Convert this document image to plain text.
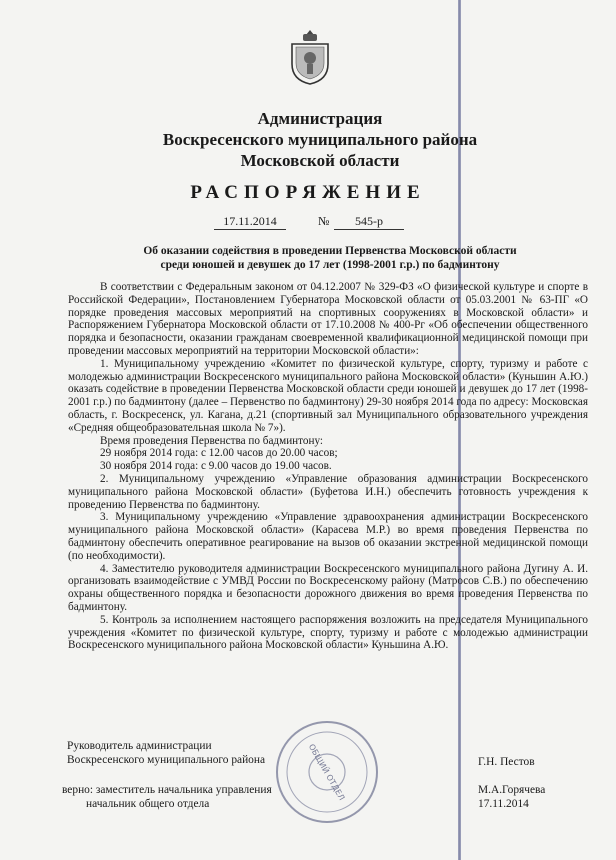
Администрация
Воскресенского муниципального района
Московской области
РАСПОРЯЖЕНИЕ
17.11.2014	№	545-р
Об оказании содействия в проведении Первенства Московской области
среди юношей и девушек до 17 лет (1998-2001 г.р.) по бадминтону

В соответствии с Федеральным законом от 04.12.2007 № 329-ФЗ «О физической культуре и спорте в Российской Федерации», Постановлением Губернатора Московской области от 05.03.2001 № 63-ПГ «О порядке проведения массовых мероприятий на спортивных сооружениях в Московской области» и Распоряжением Губернатора Московской области от 17.10.2008 № 400-Рг «Об обеспечении общественного порядка и безопасности, оказании гражданам своевременной квалификационной медицинской помощи при проведении массовых мероприятий на территории Московской области»:

1. Муниципальному учреждению «Комитет по физической культуре, спорту, туризму и работе с молодежью администрации Воскресенского муниципального района Московской области» (Куньшин А.Ю.) оказать содействие в проведении Первенства Московской области среди юношей и девушек до 17 лет (1998-2001 г.р.) по бадминтону (далее – Первенство по бадминтону) 29-30 ноября 2014 года по адресу: Московская область, г. Воскресенск, ул. Кагана, д.21 (спортивный зал Муниципального образовательного учреждения «Средняя общеобразовательная школа № 7»).

Время проведения Первенства по бадминтону:

29 ноября 2014 года: с 12.00 часов до 20.00 часов;

30 ноября 2014 года: с 9.00 часов до 19.00 часов.

2. Муниципальному учреждению «Управление образования администрации Воскресенского муниципального района Московской области» (Буфетова И.Н.) обеспечить готовность учреждения к проведению Первенства по бадминтону.

3. Муниципальному учреждению «Управление здравоохранения администрации Воскресенского муниципального района Московской области» (Карасева М.Р.) во время проведения Первенства по бадминтону обеспечить оперативное реагирование на вызов об оказании экстренной медицинской помощи (по необходимости).

4. Заместителю руководителя администрации Воскресенского муниципального района Дугину А. И. организовать взаимодействие с УМВД России по Воскресенскому району (Матросов С.В.) по обеспечению охраны общественного порядка и безопасности дорожного движения во время проведения Первенства по бадминтону.

5. Контроль за исполнением настоящего распоряжения возложить на председателя Муниципального учреждения «Комитет по физической культуре, спорту, туризму и работе с молодежью администрации Воскресенского муниципального района Московской области» Куньшина А.Ю.

Руководитель администрации
Воскресенского муниципального района	Г.Н. Пестов
верно: заместитель начальника управления
начальник общего отдела
М.А.Горячева
17.11.2014
ОБЩИЙ ОТДЕЛ
